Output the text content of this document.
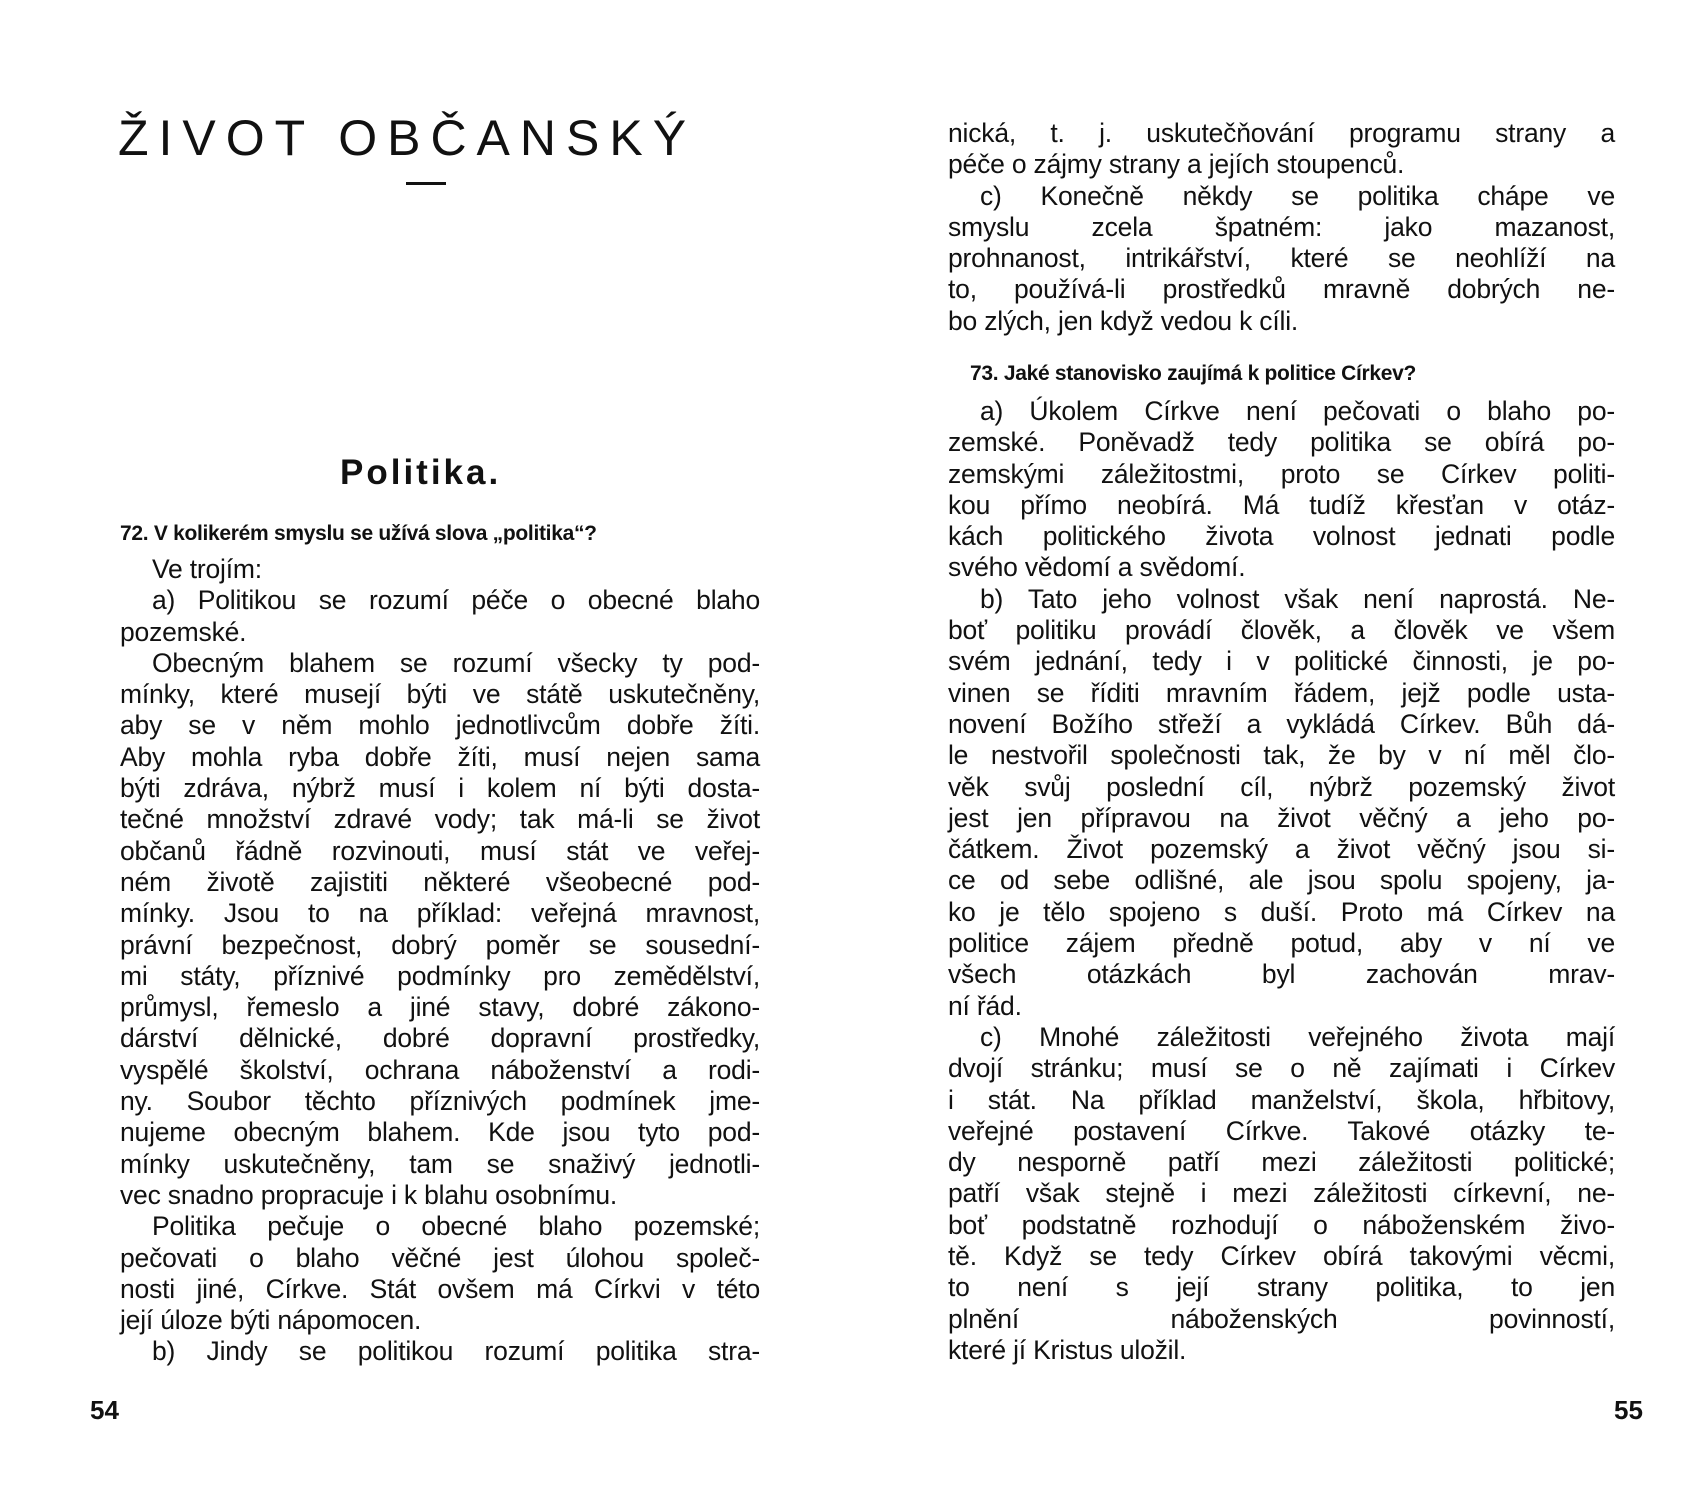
ŽIVOT OBČANSKÝ
Politika.

72. V kolikerém smyslu se užívá slova „politika“?

Ve trojím:
a) Politikou se rozumí péče o obecné blaho
pozemské.
Obecným blahem se rozumí všecky ty pod-
mínky, které musejí býti ve státě uskutečněny,
aby se v něm mohlo jednotlivcům dobře žíti.
Aby mohla ryba dobře žíti, musí nejen sama
býti zdráva, nýbrž musí i kolem ní býti dosta-
tečné množství zdravé vody; tak má-li se život
občanů řádně rozvinouti, musí stát ve veřej-
ném životě zajistiti některé všeobecné pod-
mínky. Jsou to na příklad: veřejná mravnost,
právní bezpečnost, dobrý poměr se sousední-
mi státy, příznivé podmínky pro zemědělství,
průmysl, řemeslo a jiné stavy, dobré zákono-
dárství dělnické, dobré dopravní prostředky,
vyspělé školství, ochrana náboženství a rodi-
ny. Soubor těchto příznivých podmínek jme-
nujeme obecným blahem. Kde jsou tyto pod-
mínky uskutečněny, tam se snaživý jednotli-
vec snadno propracuje i k blahu osobnímu.
Politika pečuje o obecné blaho pozemské;
pečovati o blaho věčné jest úlohou společ-
nosti jiné, Církve. Stát ovšem má Církvi v této
její úloze býti nápomocen.
b) Jindy se politikou rozumí politika stra-

54

nická, t. j. uskutečňování programu strany a
péče o zájmy strany a jejích stoupenců.
c) Konečně někdy se politika chápe ve
smyslu zcela špatném: jako mazanost,
prohnanost, intrikářství, které se neohlíží na
to, používá-li prostředků mravně dobrých ne-
bo zlých, jen když vedou k cíli.

73. Jaké stanovisko zaujímá k politice Církev?

a) Úkolem Církve není pečovati o blaho po-
zemské. Poněvadž tedy politika se obírá po-
zemskými záležitostmi, proto se Církev politi-
kou přímo neobírá. Má tudíž křesťan v otáz-
kách politického života volnost jednati podle
svého vědomí a svědomí.
b) Tato jeho volnost však není naprostá. Ne-
boť politiku provádí člověk, a člověk ve všem
svém jednání, tedy i v politické činnosti, je po-
vinen se říditi mravním řádem, jejž podle usta-
novení Božího střeží a vykládá Církev. Bůh dá-
le nestvořil společnosti tak, že by v ní měl člo-
věk svůj poslední cíl, nýbrž pozemský život
jest jen přípravou na život věčný a jeho po-
čátkem. Život pozemský a život věčný jsou si-
ce od sebe odlišné, ale jsou spolu spojeny, ja-
ko je tělo spojeno s duší. Proto má Církev na
politice zájem předně potud, aby v ní ve
všech otázkách byl zachován mrav-
ní řád.
c) Mnohé záležitosti veřejného života mají
dvojí stránku; musí se o ně zajímati i Církev
i stát. Na příklad manželství, škola, hřbitovy,
veřejné postavení Církve. Takové otázky te-
dy nesporně patří mezi záležitosti politické;
patří však stejně i mezi záležitosti církevní, ne-
boť podstatně rozhodují o náboženském živo-
tě. Když se tedy Církev obírá takovými věcmi,
to není s její strany politika, to jen
plnění náboženských povinností,
které jí Kristus uložil.

55
